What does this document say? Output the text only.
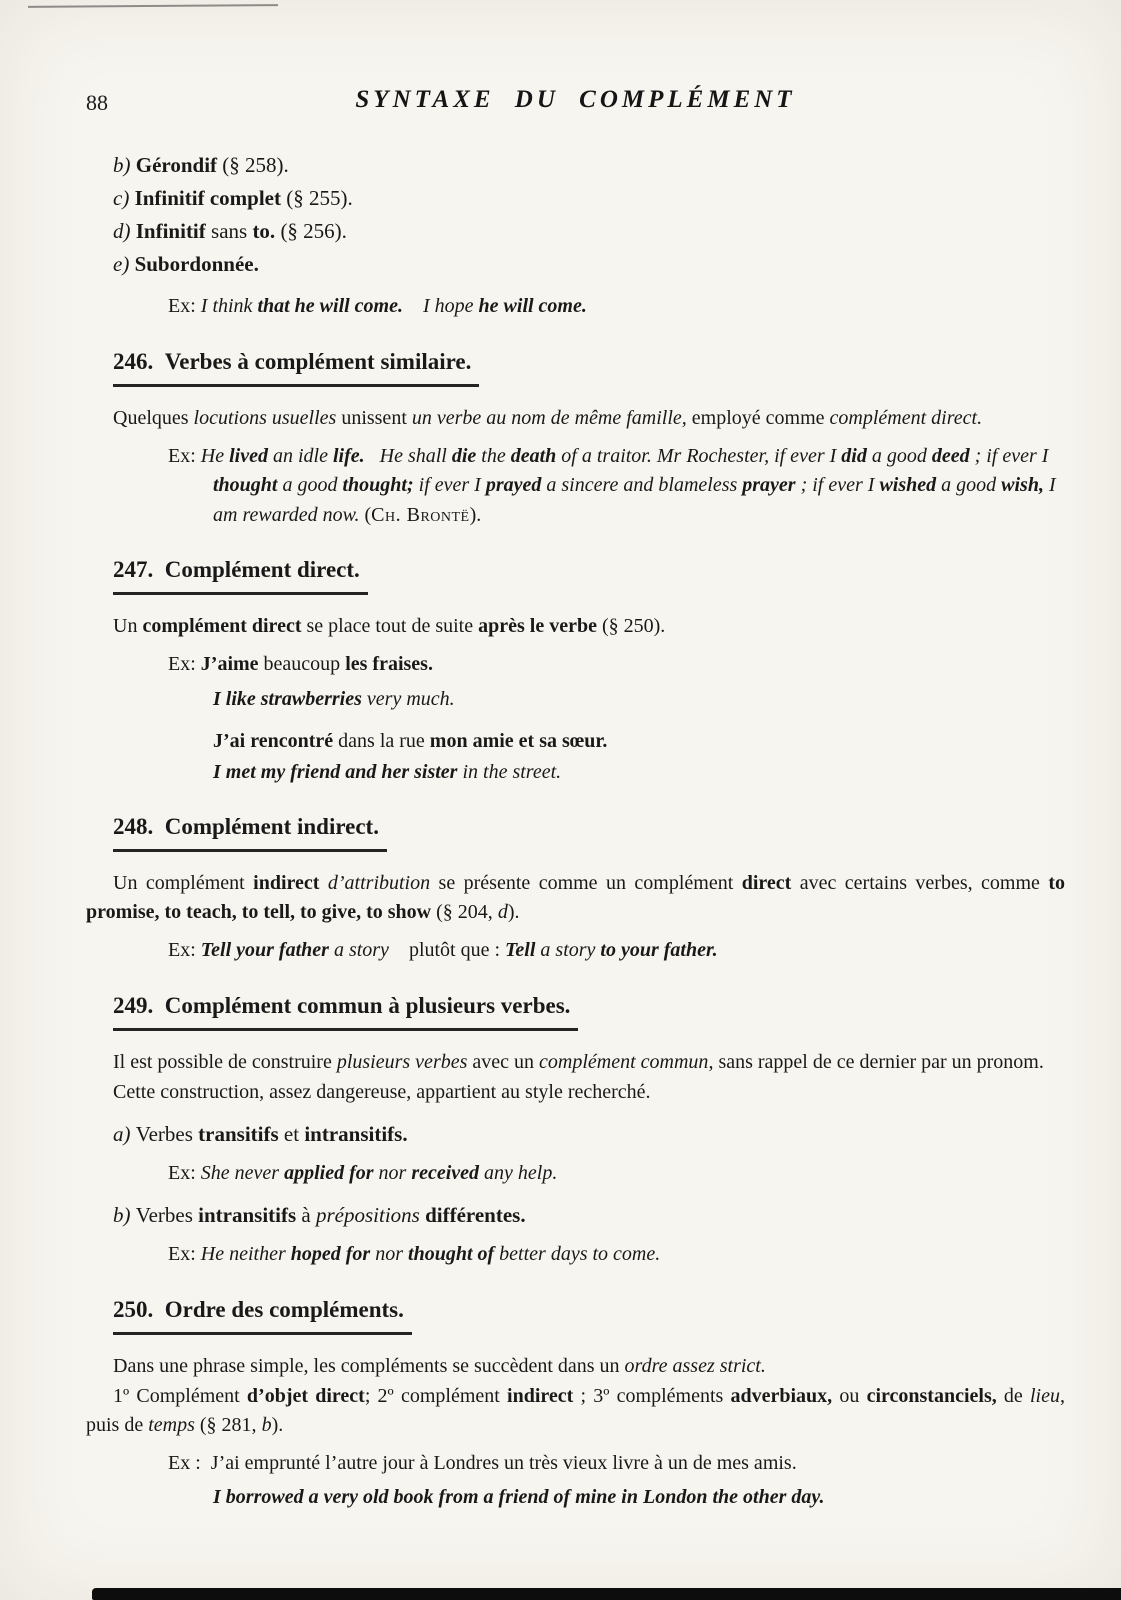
88	SYNTAXE DU COMPLÉMENT
b) Gérondif (§ 258).
c) Infinitif complet (§ 255).
d) Infinitif sans to. (§ 256).
e) Subordonnée.
Ex: I think that he will come. I hope he will come.
246.  Verbes à complément similaire.
Quelques locutions usuelles unissent un verbe au nom de même famille, employé comme complément direct.
Ex: He lived an idle life. He shall die the death of a traitor. Mr Rochester, if ever I did a good deed ; if ever I thought a good thought; if ever I prayed a sincere and blameless prayer ; if ever I wished a good wish, I am rewarded now. (Ch. Brontë).
247.  Complément direct.
Un complément direct se place tout de suite après le verbe (§ 250).
Ex: J’aime beaucoup les fraises.
I like strawberries very much.
J’ai rencontré dans la rue mon amie et sa sœur.
I met my friend and her sister in the street.
248.  Complément indirect.
Un complément indirect d’attribution se présente comme un complément direct avec certains verbes, comme to promise, to teach, to tell, to give, to show (§ 204, d).
Ex: Tell your father a story    plutôt que : Tell a story to your father.
249.  Complément commun à plusieurs verbes.
Il est possible de construire plusieurs verbes avec un complément commun, sans rappel de ce dernier par un pronom.
Cette construction, assez dangereuse, appartient au style recherché.
a) Verbes transitifs et intransitifs.
Ex: She never applied for nor received any help.
b) Verbes intransitifs à prépositions différentes.
Ex: He neither hoped for nor thought of better days to come.
250.  Ordre des compléments.
Dans une phrase simple, les compléments se succèdent dans un ordre assez strict.
1º Complément d’objet direct; 2º complément indirect ; 3º compléments adverbiaux, ou circonstanciels, de lieu, puis de temps (§ 281, b).
Ex :  J’ai emprunté l’autre jour à Londres un très vieux livre à un de mes amis.
I borrowed a very old book from a friend of mine in London the other day.
